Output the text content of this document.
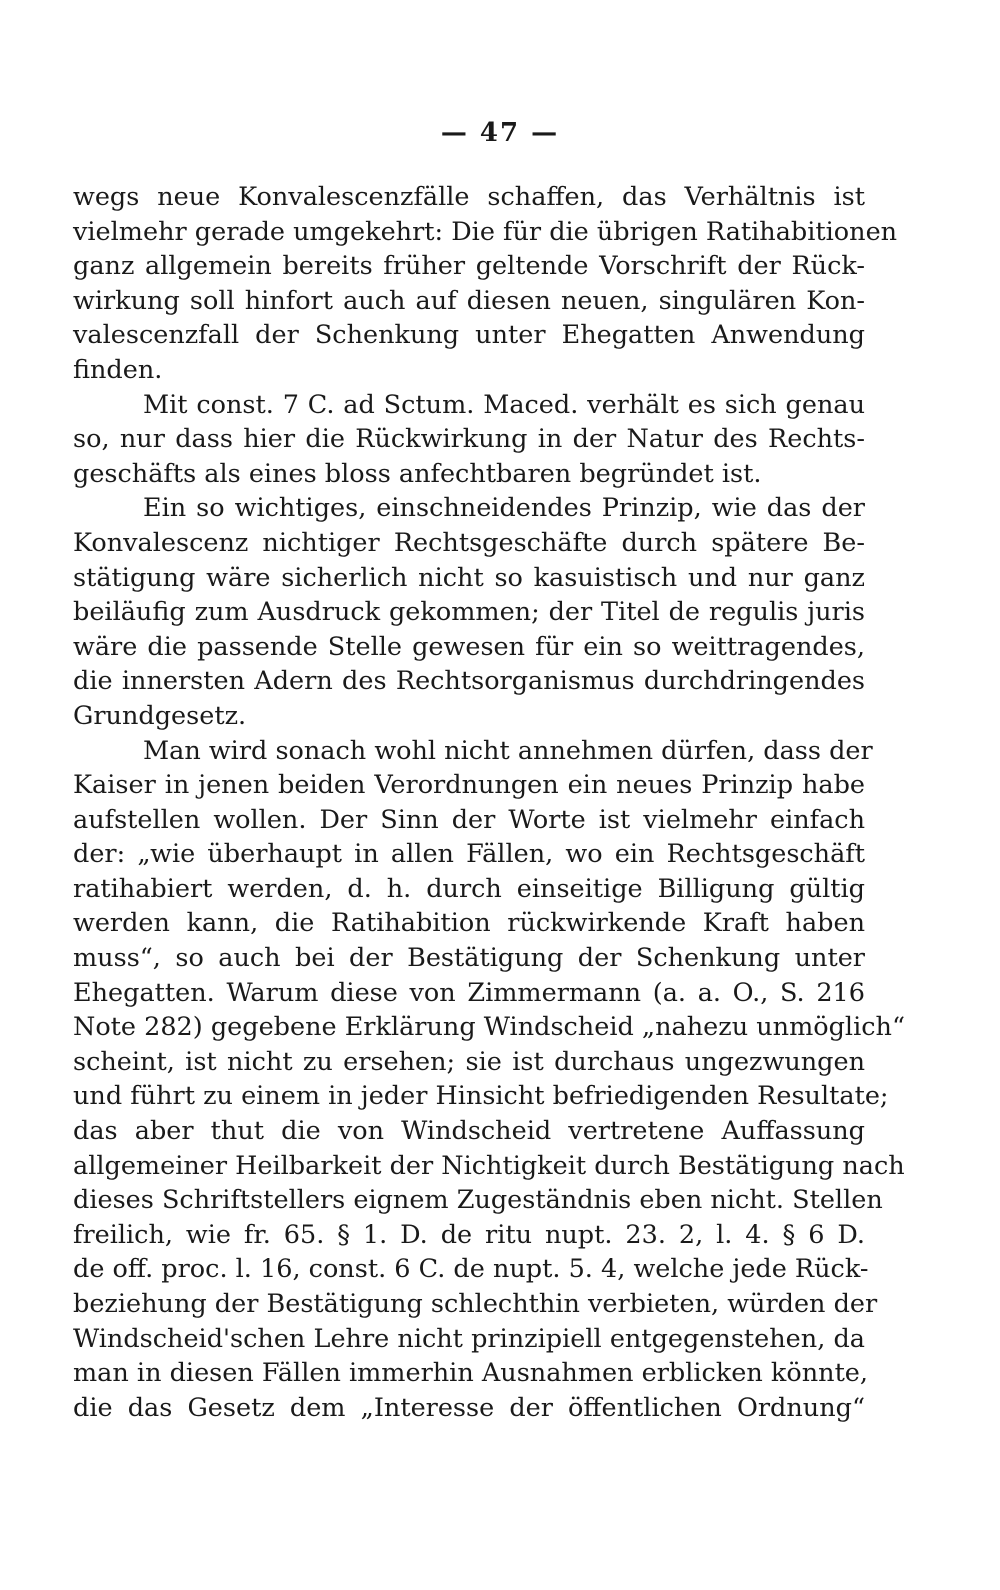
— 47 —

wegs neue Konvalescenzfälle schaffen, das Verhältnis ist
vielmehr gerade umgekehrt: Die für die übrigen Ratihabitionen
ganz allgemein bereits früher geltende Vorschrift der Rück-
wirkung soll hinfort auch auf diesen neuen, singulären Kon-
valescenzfall der Schenkung unter Ehegatten Anwendung
finden.

Mit const. 7 C. ad Sctum. Maced. verhält es sich genau
so, nur dass hier die Rückwirkung in der Natur des Rechts-
geschäfts als eines bloss anfechtbaren begründet ist.

Ein so wichtiges, einschneidendes Prinzip, wie das der
Konvalescenz nichtiger Rechtsgeschäfte durch spätere Be-
stätigung wäre sicherlich nicht so kasuistisch und nur ganz
beiläufig zum Ausdruck gekommen; der Titel de regulis juris
wäre die passende Stelle gewesen für ein so weittragendes,
die innersten Adern des Rechtsorganismus durchdringendes
Grundgesetz.

Man wird sonach wohl nicht annehmen dürfen, dass der
Kaiser in jenen beiden Verordnungen ein neues Prinzip habe
aufstellen wollen. Der Sinn der Worte ist vielmehr einfach
der: „wie überhaupt in allen Fällen, wo ein Rechtsgeschäft
ratihabiert werden, d. h. durch einseitige Billigung gültig
werden kann, die Ratihabition rückwirkende Kraft haben
muss“, so auch bei der Bestätigung der Schenkung unter
Ehegatten. Warum diese von Zimmermann (a. a. O., S. 216
Note 282) gegebene Erklärung Windscheid „nahezu unmöglich“
scheint, ist nicht zu ersehen; sie ist durchaus ungezwungen
und führt zu einem in jeder Hinsicht befriedigenden Resultate;
das aber thut die von Windscheid vertretene Auffassung
allgemeiner Heilbarkeit der Nichtigkeit durch Bestätigung nach
dieses Schriftstellers eignem Zugeständnis eben nicht. Stellen
freilich, wie fr. 65. § 1. D. de ritu nupt. 23. 2, l. 4. § 6 D.
de off. proc. l. 16, const. 6 C. de nupt. 5. 4, welche jede Rück-
beziehung der Bestätigung schlechthin verbieten, würden der
Windscheid'schen Lehre nicht prinzipiell entgegenstehen, da
man in diesen Fällen immerhin Ausnahmen erblicken könnte,
die das Gesetz dem „Interesse der öffentlichen Ordnung“
